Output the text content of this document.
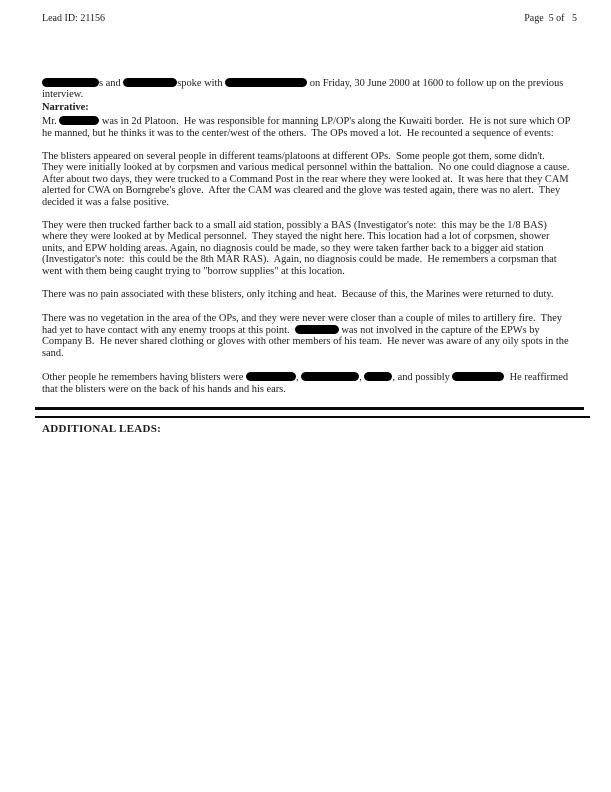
Lead ID: 21156	Page  5 of   5

s and	spoke with	on Friday, 30 June 2000 at 1600 to follow up on the previous interview.

Narrative:

Mr.	was in 2d Platoon.  He was responsible for manning LP/OP's along the Kuwaiti border.  He is not sure which OP he manned, but he thinks it was to the center/west of the others.  The OPs moved a lot.  He recounted a sequence of events:

The blisters appeared on several people in different teams/platoons at different OPs.  Some people got them, some didn't.  They were initially looked at by corpsmen and various medical personnel within the battalion.  No one could diagnose a cause.  After about two days, they were trucked to a Command Post in the rear where they were looked at.  It was here that they CAM alerted for CWA on Borngrebe's glove.  After the CAM was cleared and the glove was tested again, there was no alert.  They decided it was a false positive.

They were then trucked farther back to a small aid station, possibly a BAS (Investigator's note:  this may be the 1/8 BAS) where they were looked at by Medical personnel.  They stayed the night here. This location had a lot of corpsmen, shower units, and EPW holding areas. Again, no diagnosis could be made, so they were taken farther back to a bigger aid station (Investigator's note:  this could be the 8th MAR RAS).  Again, no diagnosis could be made.  He remembers a corpsman that went with them being caught trying to "borrow supplies" at this location.

There was no pain associated with these blisters, only itching and heat.  Because of this, the Marines were returned to duty.

There was no vegetation in the area of the OPs, and they were never were closer than a couple of miles to artillery fire.  They had yet to have contact with any enemy troops at this point.	was not involved in the capture of the EPWs by Company B.  He never shared clothing or gloves with other members of his team.  He never was aware of any oily spots in the sand.

Other people he remembers having blisters were	,	,	, and possibly	He reaffirmed that the blisters were on the back of his hands and his ears.

ADDITIONAL LEADS:
